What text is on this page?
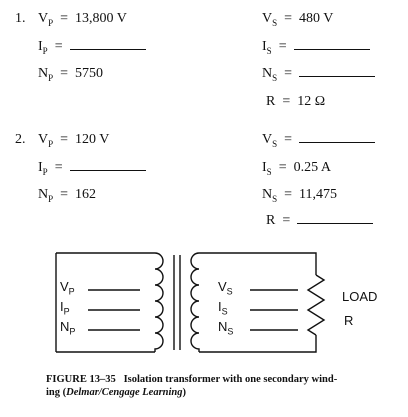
1. $V_P = 13,800$ V
$I_P$  =
$N_P = 5750$
$V_S = 480$ V
$I_S$  =
$N_S$  =
R  =  12 Ω
2. $V_P = 120$ V
$I_P$  =
$N_P = 162$
$V_S$  =
$I_S = 0.25$ A
$N_S = 11,475$
R  =
$V_P$
$I_P$
$N_P$
$V_S$
$I_S$
$N_S$
LOAD
R
FIGURE 13–35 Isolation transformer with one secondary wind-
ing (Delmar/Cengage Learning)
